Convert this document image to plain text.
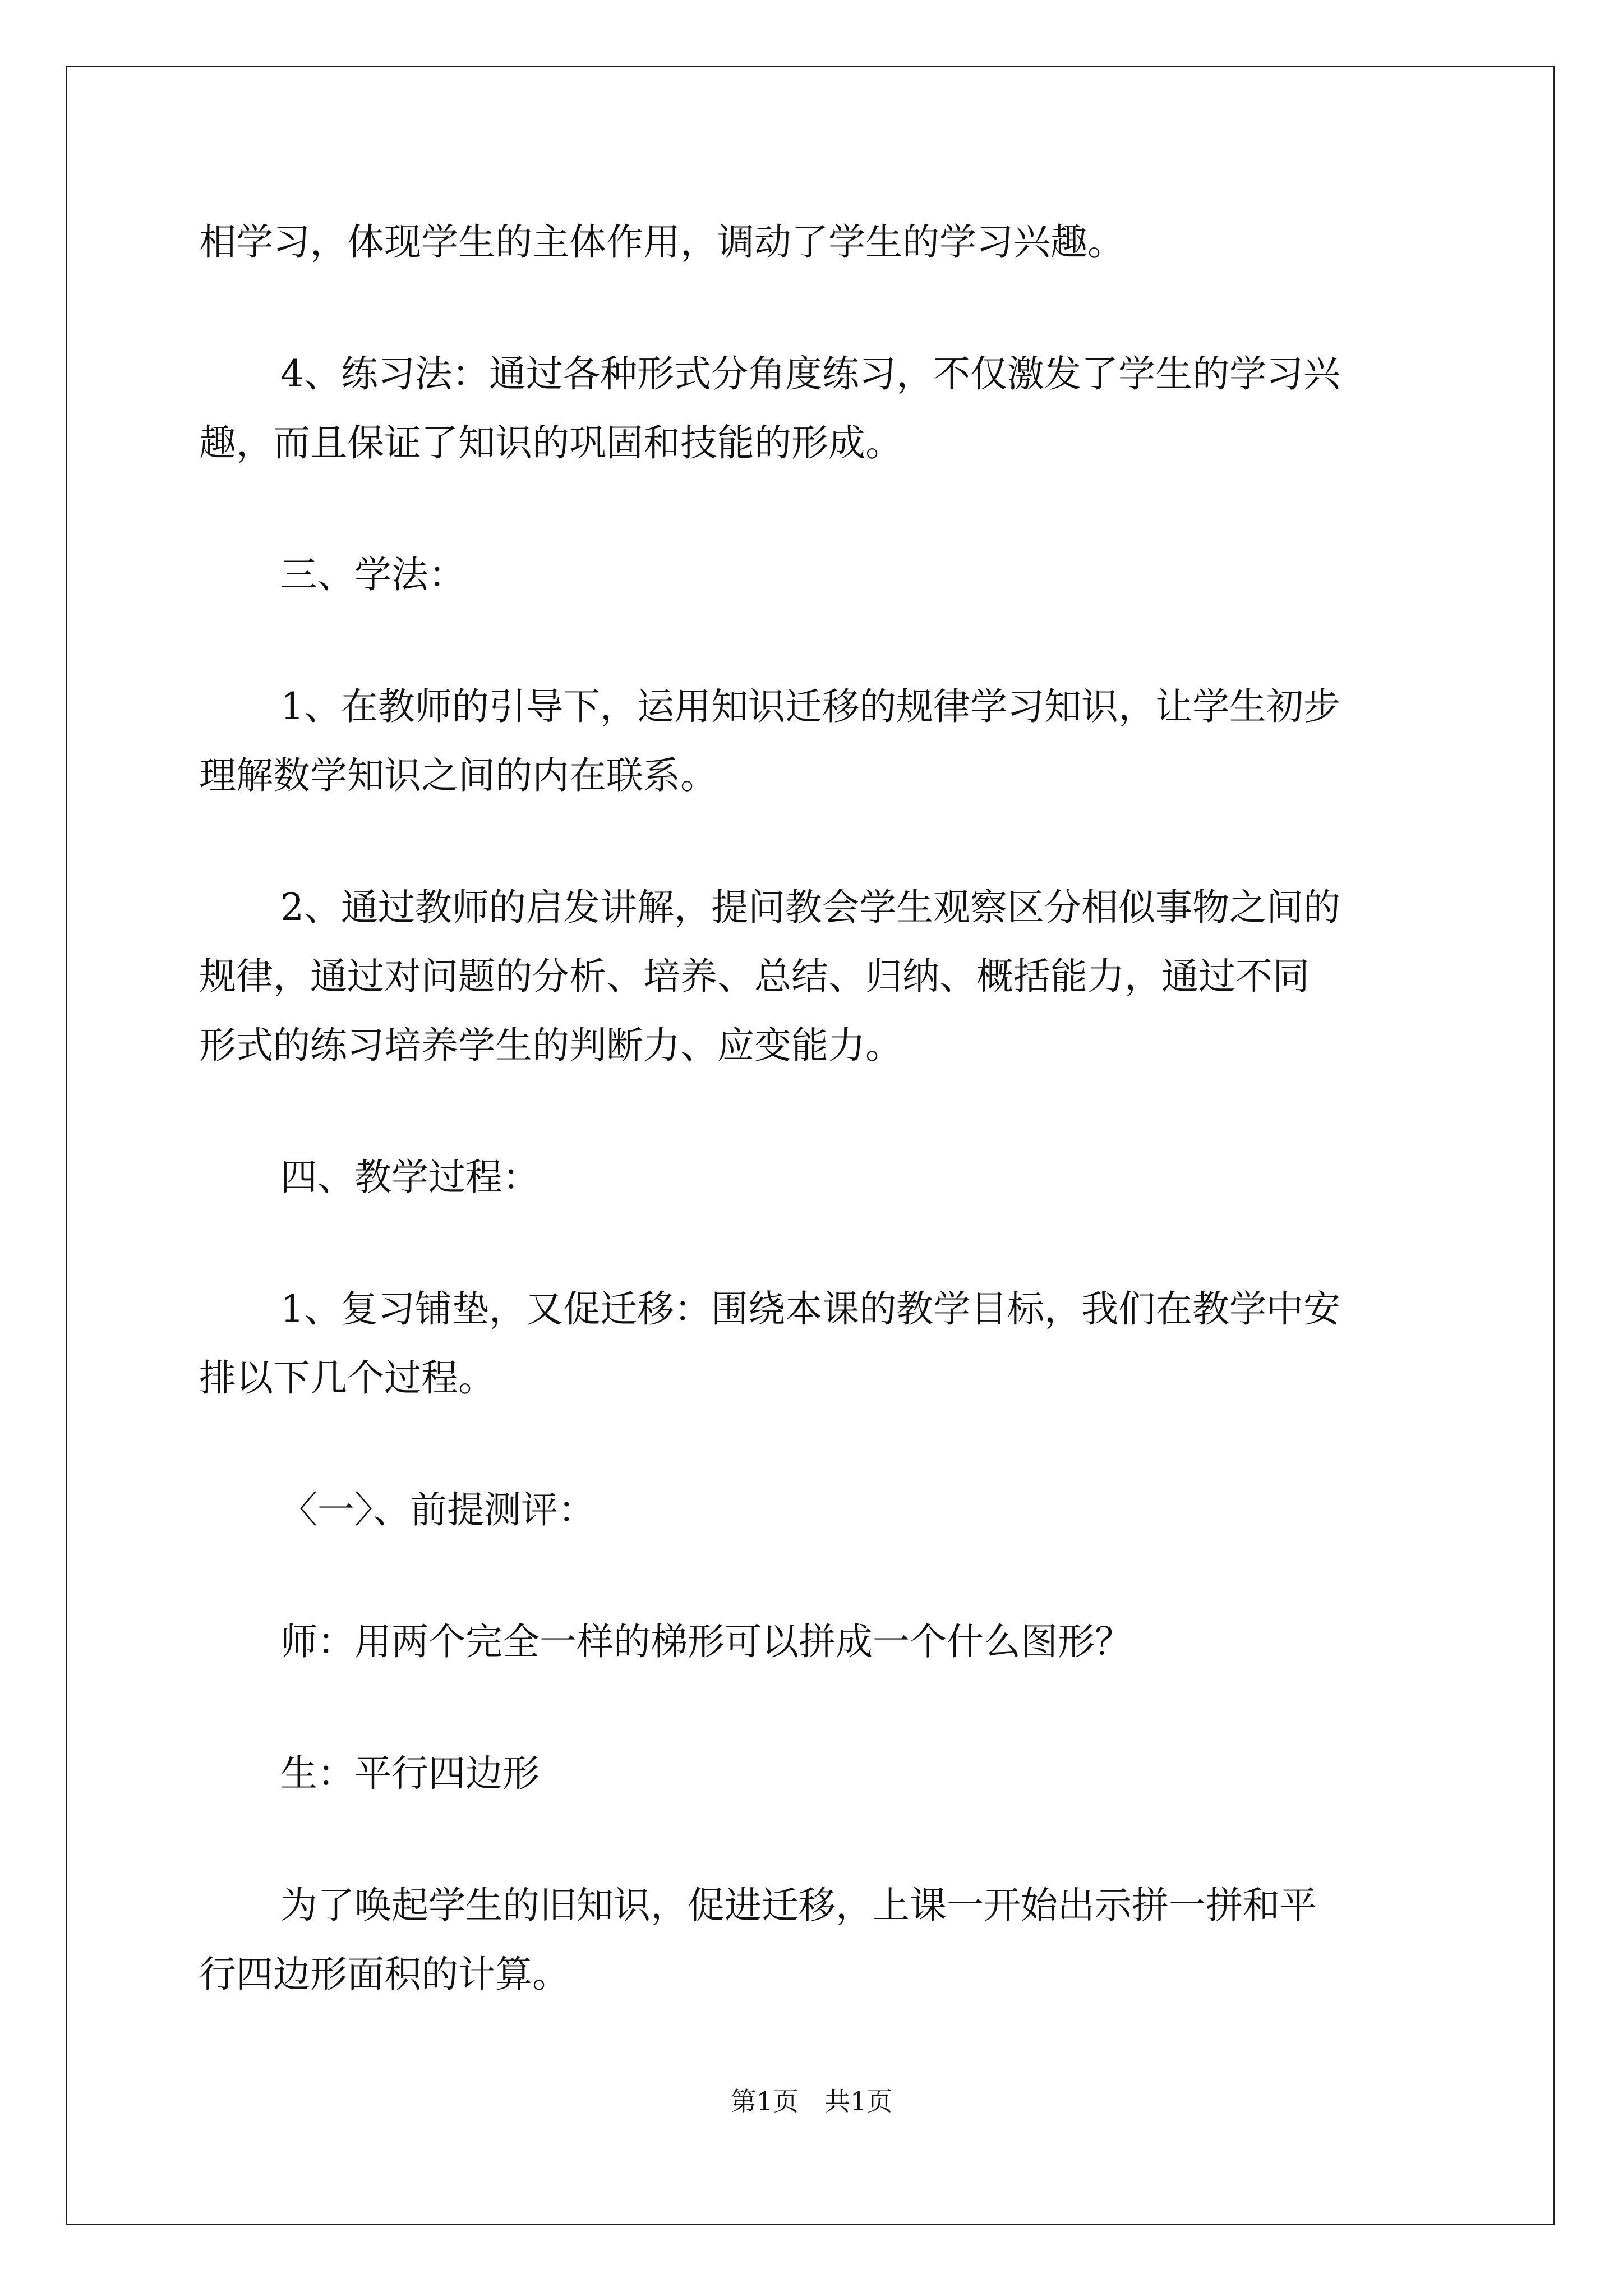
相学习，体现学生的主体作用，调动了学生的学习兴趣。

4、练习法：通过各种形式分角度练习，不仅激发了学生的学习兴

趣，而且保证了知识的巩固和技能的形成。

三、学法：

1、在教师的引导下，运用知识迁移的规律学习知识，让学生初步

理解数学知识之间的内在联系。

2、通过教师的启发讲解，提问教会学生观察区分相似事物之间的

规律，通过对问题的分析、培养、总结、归纳、概括能力，通过不同

形式的练习培养学生的判断力、应变能力。

四、教学过程：

1、复习铺垫，又促迁移：围绕本课的教学目标，我们在教学中安

排以下几个过程。

〈一〉、前提测评：

师：用两个完全一样的梯形可以拼成一个什么图形？

生：平行四边形

为了唤起学生的旧知识，促进迁移，上课一开始出示拼一拼和平

行四边形面积的计算。

第1页　共1页
